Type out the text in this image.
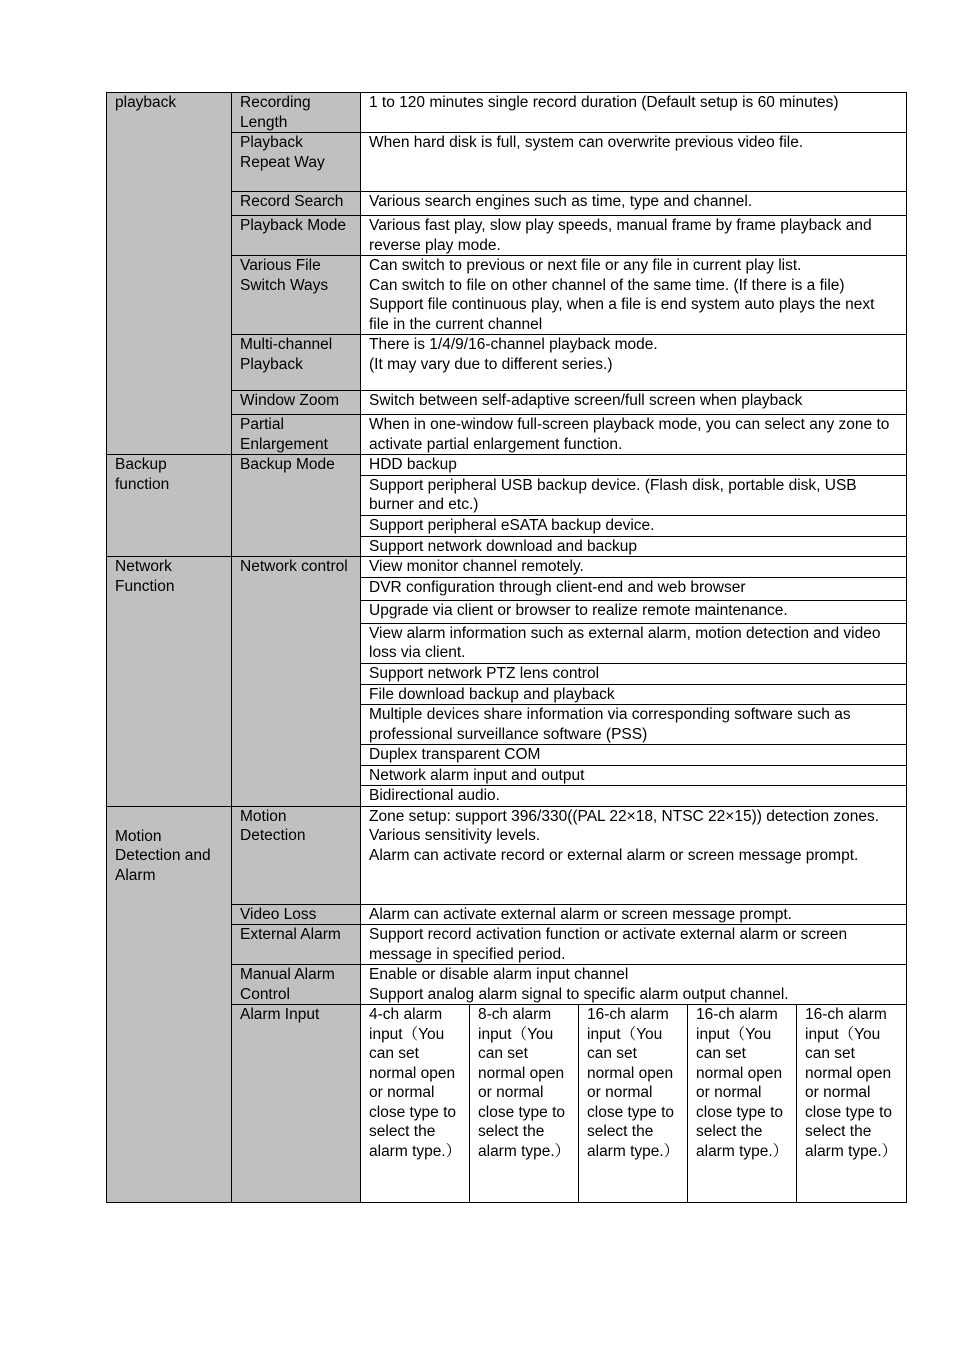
playback	Recording Length	1 to 120 minutes single record duration (Default setup is 60 minutes)				

	Playback Repeat Way	When hard disk is full, system can overwrite previous video file.				

	Record Search	Various search engines such as time, type and channel.				

	Playback Mode	Various fast play, slow play speeds, manual frame by frame playback and reverse play mode.				

	Various File Switch Ways	Can switch to previous or next file or any file in current play list.
Can switch to file on other channel of the same time. (If there is a file)
Support file continuous play, when a file is end system auto plays the next file in the current channel				

	Multi-channel Playback	There is 1/4/9/16-channel playback mode.
(It may vary due to different series.)				

	Window Zoom	Switch between self-adaptive screen/full screen when playback				

	Partial Enlargement	When in one-window full-screen playback mode, you can select any zone to activate partial enlargement function.				

Backup function	Backup Mode	HDD backup				
		Support peripheral USB backup device. (Flash disk, portable disk, USB burner and etc.)				
		Support peripheral eSATA backup device.				
		Support network download and backup				
Network Function	Network control	View monitor channel remotely.				
		DVR configuration through client-end and web browser				
		Upgrade via client or browser to realize remote maintenance.				
		View alarm information such as external alarm, motion detection and video loss via client.				
		Support network PTZ lens control				
		File download backup and playback				
		Multiple devices share information via corresponding software such as professional surveillance software (PSS)				
		Duplex transparent COM				
		Network alarm input and output				
		Bidirectional audio.				
Motion Detection and Alarm	Motion Detection	Zone setup: support 396/330((PAL 22×18, NTSC 22×15)) detection zones.
Various sensitivity levels.
Alarm can activate record or external alarm or screen message prompt.				

	Video Loss	Alarm can activate external alarm or screen message prompt.				

	External Alarm	Support record activation function or activate external alarm or screen message in specified period.				

	Manual Alarm Control	Enable or disable alarm input channel
Support analog alarm signal to specific alarm output channel.				

	Alarm Input	4-ch alarm input（You can set normal open or normal close type to select the alarm type.）	8-ch alarm input（You can set normal open or normal close type to select the alarm type.）	16-ch alarm input（You can set normal open or normal close type to select the alarm type.）	16-ch alarm input（You can set normal open or normal close type to select the alarm type.）	16-ch alarm input（You can set normal open or normal close type to select the alarm type.）
